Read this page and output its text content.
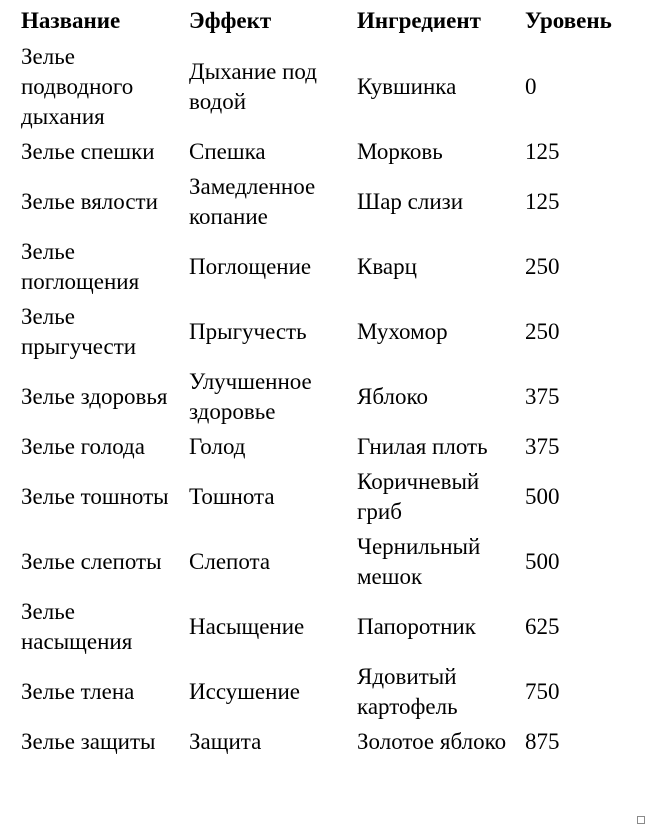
Название	Эффект	Ингредиент	Уровень
Зелье подводного дыхания	Дыхание под водой	Кувшинка	0
Зелье спешки	Спешка	Морковь	125
Зелье вялости	Замедленное копание	Шар слизи	125
Зелье поглощения	Поглощение	Кварц	250
Зелье прыгучести	Прыгучесть	Мухомор	250
Зелье здоровья	Улучшенное здоровье	Яблоко	375
Зелье голода	Голод	Гнилая плоть	375
Зелье тошноты	Тошнота	Коричневый гриб	500
Зелье слепоты	Слепота	Чернильный мешок	500
Зелье насыщения	Насыщение	Папоротник	625
Зелье тлена	Иссушение	Ядовитый картофель	750
Зелье защиты	Защита	Золотое яблоко	875
